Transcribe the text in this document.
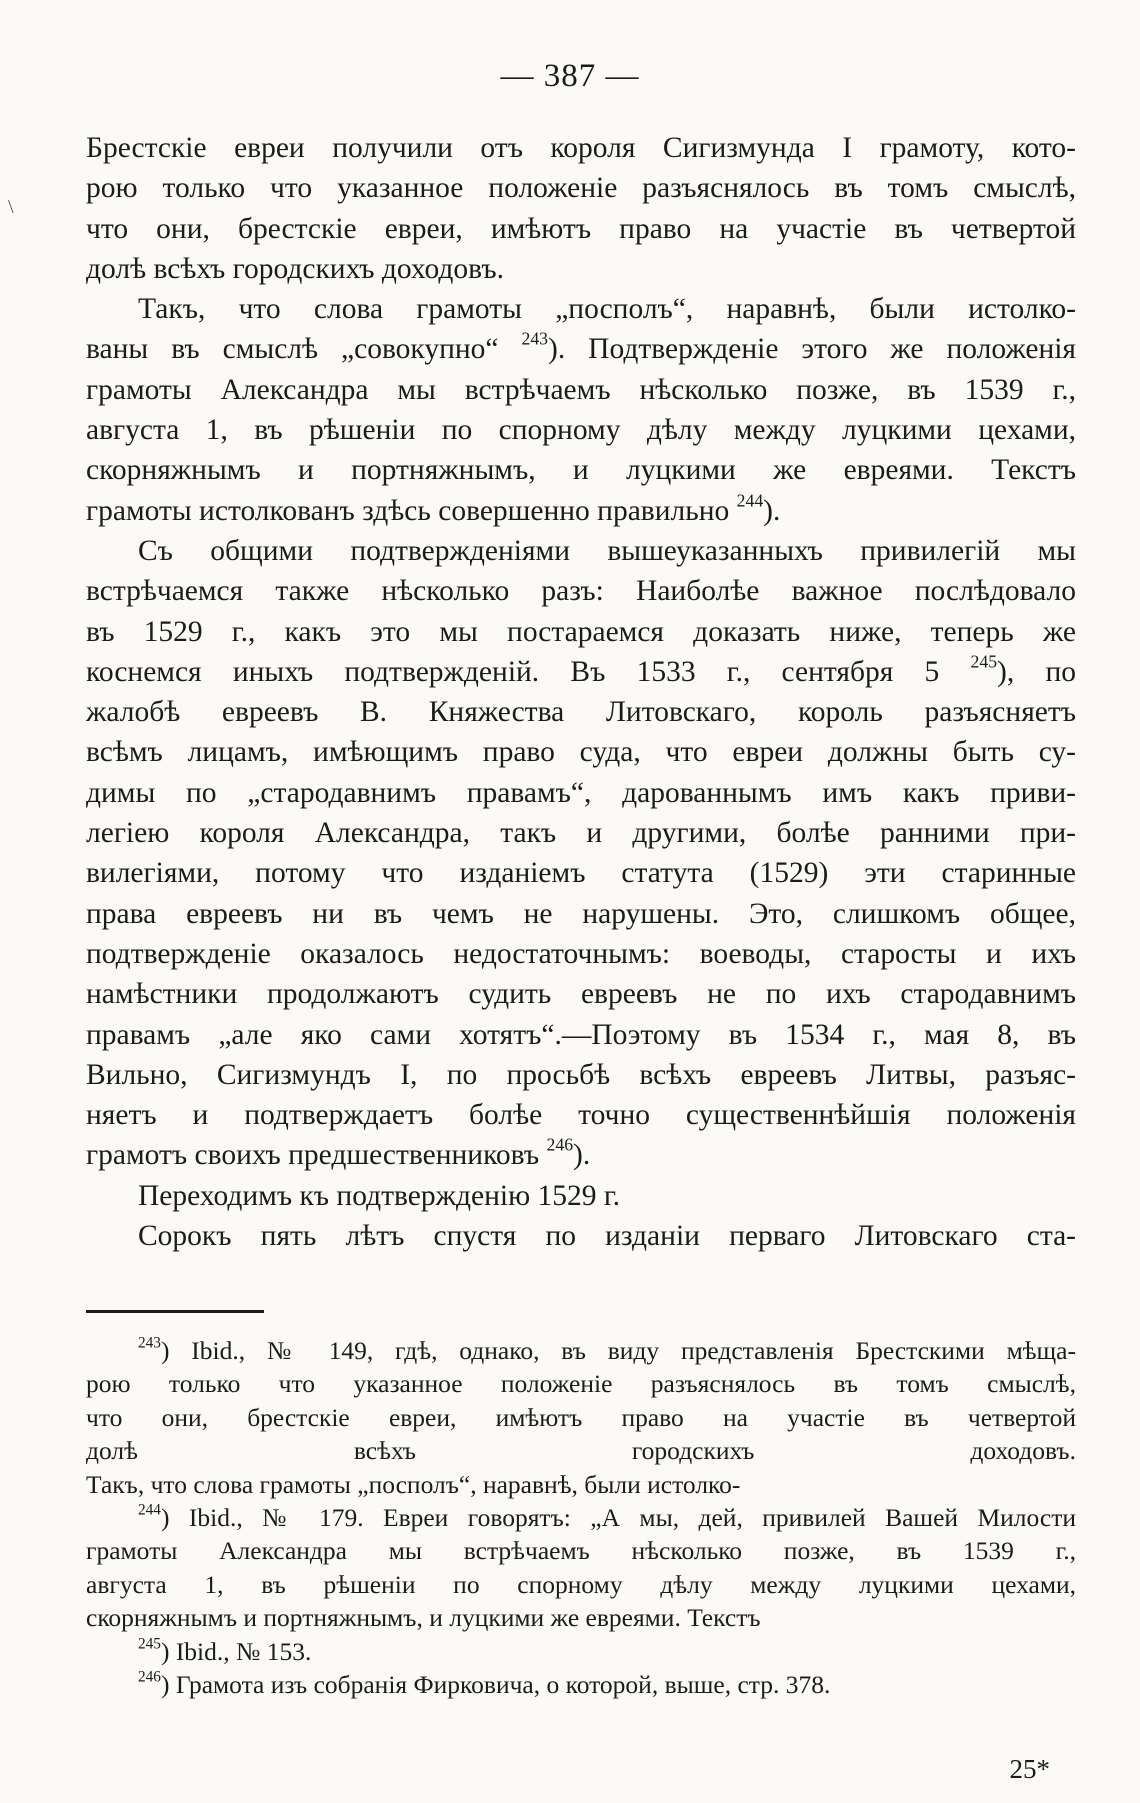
\
— 387 —
Брестскіе евреи получили отъ короля Сигизмунда I грамоту, кото-
рою только что указанное положеніе разъяснялось въ томъ смыслѣ,
что они, брестскіе евреи, имѣютъ право на участіе въ четвертой
долѣ всѣхъ городскихъ доходовъ.
Такъ, что слова грамоты „посполъ“, наравнѣ, были истолко-
ваны въ смыслѣ „совокупно“ $^{243}$). Подтвержденіе этого же положенія
грамоты Александра мы встрѣчаемъ нѣсколько позже, въ 1539 г.,
августа 1, въ рѣшеніи по спорному дѣлу между луцкими цехами,
скорняжнымъ и портняжнымъ, и луцкими же евреями. Текстъ
грамоты истолкованъ здѣсь совершенно правильно $^{244}$).
Съ общими подтвержденіями вышеуказанныхъ привилегій мы
встрѣчаемся также нѣсколько разъ: Наиболѣе важное послѣдовало
въ 1529 г., какъ это мы постараемся доказать ниже, теперь же
коснемся иныхъ подтвержденій. Въ 1533 г., сентября 5 $^{245}$), по
жалобѣ евреевъ В. Княжества Литовскаго, король разъясняетъ
всѣмъ лицамъ, имѣющимъ право суда, что евреи должны быть су-
димы по „стародавнимъ правамъ“, дарованнымъ имъ какъ приви-
легіею короля Александра, такъ и другими, болѣе ранними при-
вилегіями, потому что изданіемъ статута (1529) эти старинные
права евреевъ ни въ чемъ не нарушены. Это, слишкомъ общее,
подтвержденіе оказалось недостаточнымъ: воеводы, старосты и ихъ
намѣстники продолжаютъ судить евреевъ не по ихъ стародавнимъ
правамъ „але яко сами хотятъ“.—Поэтому въ 1534 г., мая 8, въ
Вильно, Сигизмундъ I, по просьбѣ всѣхъ евреевъ Литвы, разъяс-
няетъ и подтверждаетъ болѣе точно существеннѣйшія положенія
грамотъ своихъ предшественниковъ $^{246}$).
Переходимъ къ подтвержденію 1529 г.
Сорокъ пять лѣтъ спустя по изданіи перваго Литовскаго ста-
$^{243}$) Ibid., № 149, гдѣ, однако, въ виду представленія Брестскими мѣща-
рою только что указанное положеніе разъяснялось въ томъ смыслѣ,
что они, брестскіе евреи, имѣютъ право на участіе въ четвертой
долѣ всѣхъ городскихъ доходовъ.
Такъ, что слова грамоты „посполъ“, наравнѣ, были истолко-
$^{244}$) Ibid., № 179. Евреи говорятъ: „А мы, дей, привилей Вашей Милости
грамоты Александра мы встрѣчаемъ нѣсколько позже, въ 1539 г.,
августа 1, въ рѣшеніи по спорному дѣлу между луцкими цехами,
скорняжнымъ и портняжнымъ, и луцкими же евреями. Текстъ
$^{245}$) Ibid., № 153.
$^{246}$) Грамота изъ собранія Фирковича, о которой, выше, стр. 378.
25*
